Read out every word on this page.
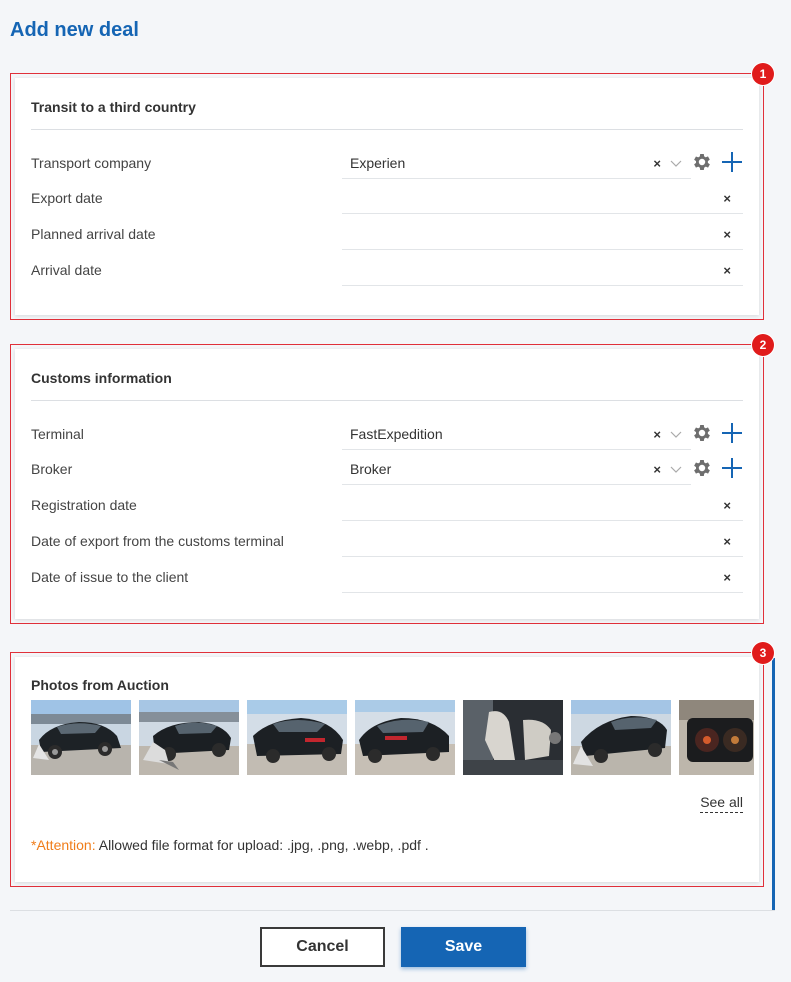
Add new deal
Transit to a third country
Transport company	Experien	×
Export date	×
Planned arrival date	×
Arrival date	×
1
Customs information
Terminal	FastExpedition	×
Broker	Broker	×
Registration date	×
Date of export from the customs terminal	×
Date of issue to the client	×
2
Photos from Auction
See all
*Attention: Allowed file format for upload: .jpg, .png, .webp, .pdf .
3
Cancel	Save
